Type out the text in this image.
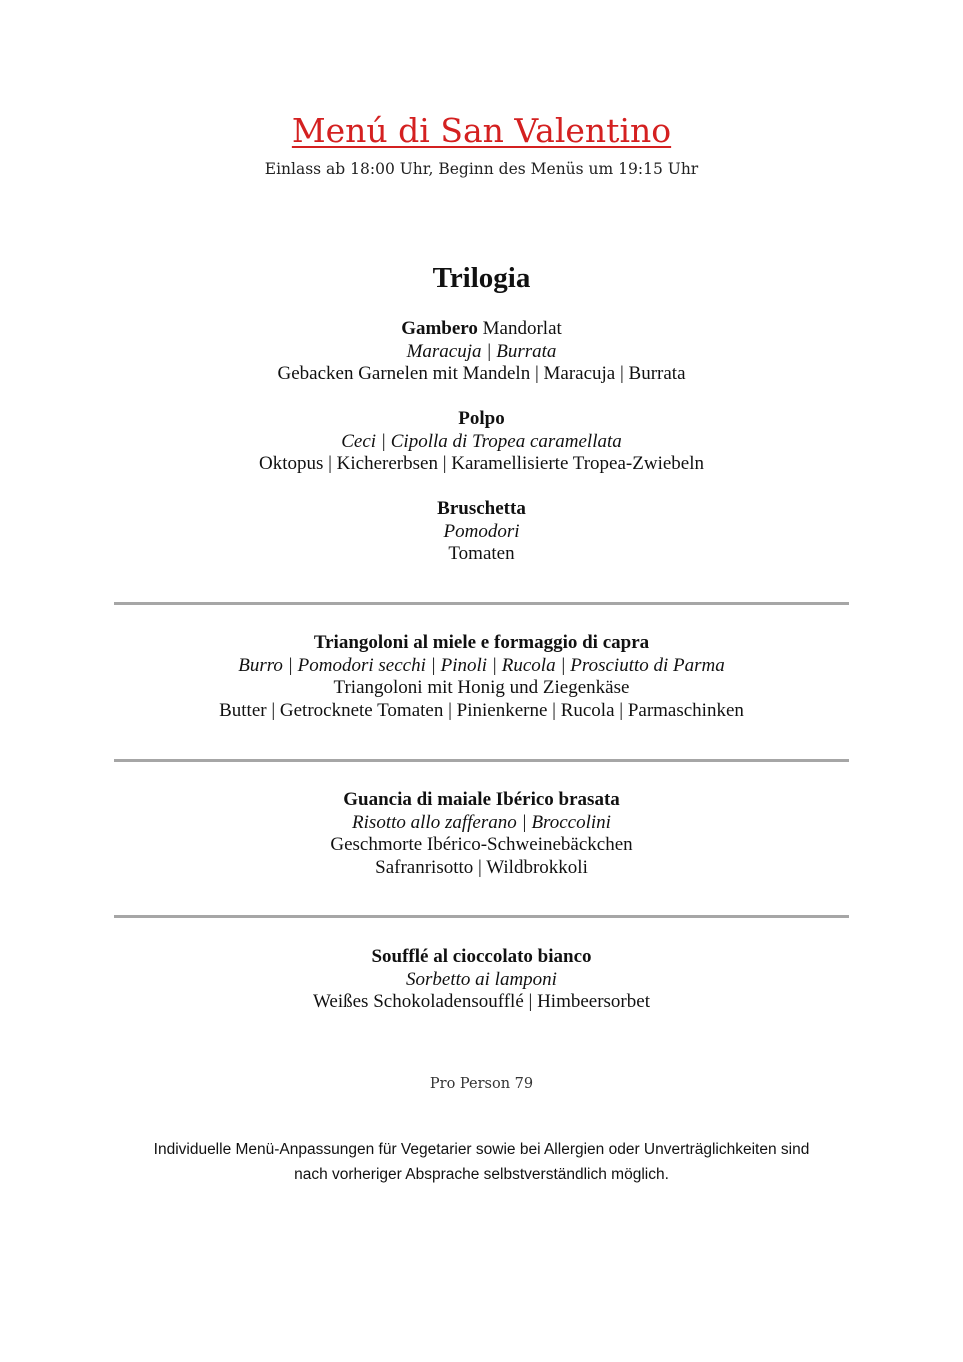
Menú di San Valentino
Einlass ab 18:00 Uhr, Beginn des Menüs um 19:15 Uhr
Trilogia
Gambero Mandorlat
Maracuja | Burrata
Gebacken Garnelen mit Mandeln | Maracuja | Burrata
Polpo
Ceci | Cipolla di Tropea caramellata
Oktopus | Kichererbsen | Karamellisierte Tropea-Zwiebeln
Bruschetta
Pomodori
Tomaten
Triangoloni al miele e formaggio di capra
Burro | Pomodori secchi | Pinoli | Rucola | Prosciutto di Parma
Triangoloni mit Honig und Ziegenkäse
Butter | Getrocknete Tomaten | Pinienkerne | Rucola | Parmaschinken
Guancia di maiale Ibérico brasata
Risotto allo zafferano | Broccolini
Geschmorte Ibérico-Schweinebäckchen
Safranrisotto | Wildbrokkoli
Soufflé al cioccolato bianco
Sorbetto ai lamponi
Weißes Schokoladensoufflé | Himbeersorbet
Pro Person 79
Individuelle Menü-Anpassungen für Vegetarier sowie bei Allergien oder Unverträglichkeiten sind
nach vorheriger Absprache selbstverständlich möglich.
